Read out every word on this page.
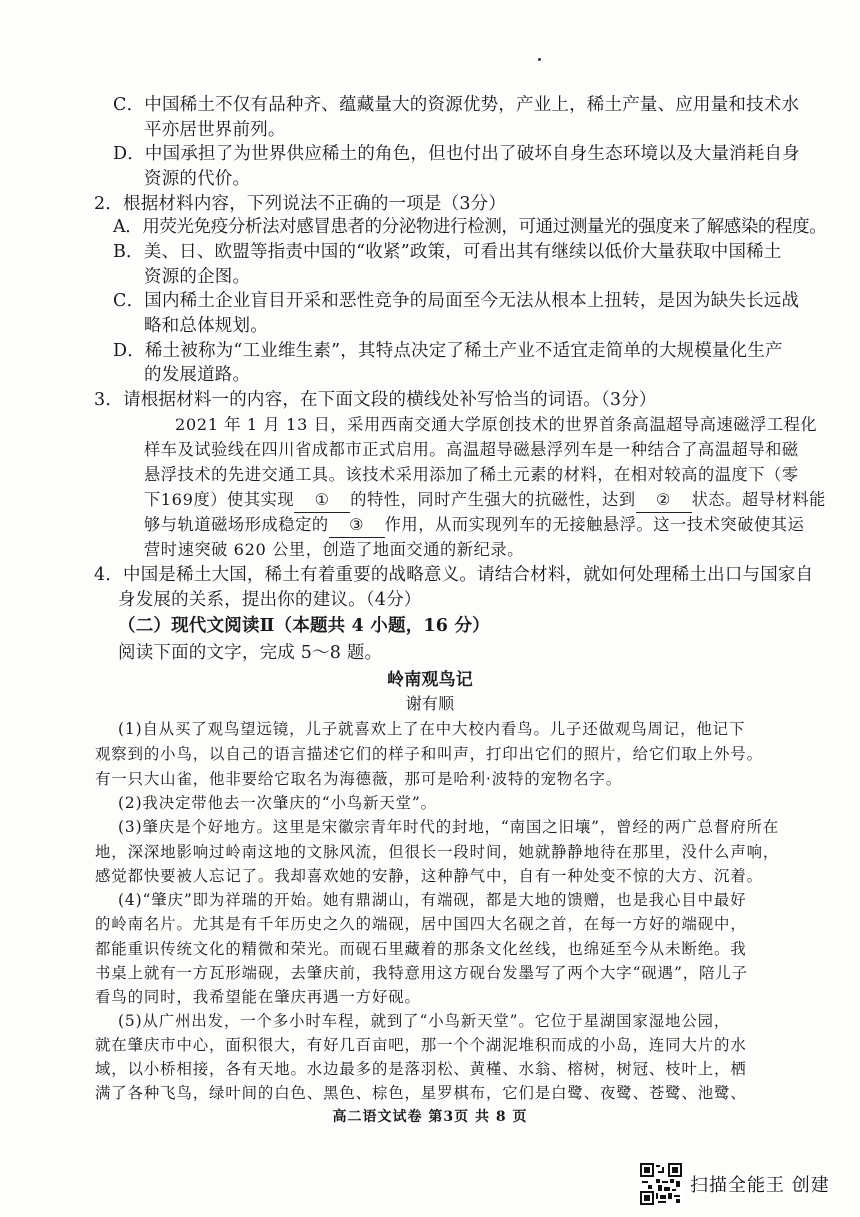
C．中国稀土不仅有品种齐、蕴藏量大的资源优势，产业上，稀土产量、应用量和技术水
平亦居世界前列。
D．中国承担了为世界供应稀土的角色，但也付出了破坏自身生态环境以及大量消耗自身
资源的代价。
2．根据材料内容，下列说法不正确的一项是（3分）
A．用荧光免疫分析法对感冒患者的分泌物进行检测，可通过测量光的强度来了解感染的程度。
B．美、日、欧盟等指责中国的“收紧”政策，可看出其有继续以低价大量获取中国稀土
资源的企图。
C．国内稀土企业盲目开采和恶性竞争的局面至今无法从根本上扭转，是因为缺失长远战
略和总体规划。
D．稀土被称为“工业维生素”，其特点决定了稀土产业不适宜走简单的大规模量化生产
的发展道路。
3．请根据材料一的内容，在下面文段的横线处补写恰当的词语。（3分）
2021 年 1 月 13 日，采用西南交通大学原创技术的世界首条高温超导高速磁浮工程化
样车及试验线在四川省成都市正式启用。高温超导磁悬浮列车是一种结合了高温超导和磁
悬浮技术的先进交通工具。该技术采用添加了稀土元素的材料，在相对较高的温度下（零
下169度）使其实现 ① 的特性，同时产生强大的抗磁性，达到 ② 状态。超导材料能
够与轨道磁场形成稳定的 ③ 作用，从而实现列车的无接触悬浮。这一技术突破使其运
营时速突破 620 公里，创造了地面交通的新纪录。
4．中国是稀土大国，稀土有着重要的战略意义。请结合材料，就如何处理稀土出口与国家自
身发展的关系，提出你的建议。（4分）
（二）现代文阅读Ⅱ（本题共 4 小题，16 分）
阅读下面的文字，完成 5～8 题。
岭南观鸟记
谢有顺
(1)自从买了观鸟望远镜，儿子就喜欢上了在中大校内看鸟。儿子还做观鸟周记，他记下
观察到的小鸟，以自己的语言描述它们的样子和叫声，打印出它们的照片，给它们取上外号。
有一只大山雀，他非要给它取名为海德薇，那可是哈利·波特的宠物名字。
(2)我决定带他去一次肇庆的“小鸟新天堂”。
(3)肇庆是个好地方。这里是宋徽宗青年时代的封地，“南国之旧壤”，曾经的两广总督府所在
地，深深地影响过岭南这地的文脉风流，但很长一段时间，她就静静地待在那里，没什么声响，
感觉都快要被人忘记了。我却喜欢她的安静，这种静气中，自有一种处变不惊的大方、沉着。
(4)“肇庆”即为祥瑞的开始。她有鼎湖山，有端砚，都是大地的馈赠，也是我心目中最好
的岭南名片。尤其是有千年历史之久的端砚，居中国四大名砚之首，在每一方好的端砚中，
都能重识传统文化的精微和荣光。而砚石里藏着的那条文化丝线，也绵延至今从未断绝。我
书桌上就有一方瓦形端砚，去肇庆前，我特意用这方砚台发墨写了两个大字“砚遇”，陪儿子
看鸟的同时，我希望能在肇庆再遇一方好砚。
(5)从广州出发，一个多小时车程，就到了“小鸟新天堂”。它位于星湖国家湿地公园，
就在肇庆市中心，面积很大，有好几百亩吧，那一个个湖泥堆积而成的小岛，连同大片的水
域，以小桥相接，各有天地。水边最多的是落羽松、黄槿、水翁、榕树，树冠、枝叶上，栖
满了各种飞鸟，绿叶间的白色、黑色、棕色，星罗棋布，它们是白鹭、夜鹭、苍鹭、池鹭、
高二语文试卷 第3页 共 8 页
扫描全能王 创建
